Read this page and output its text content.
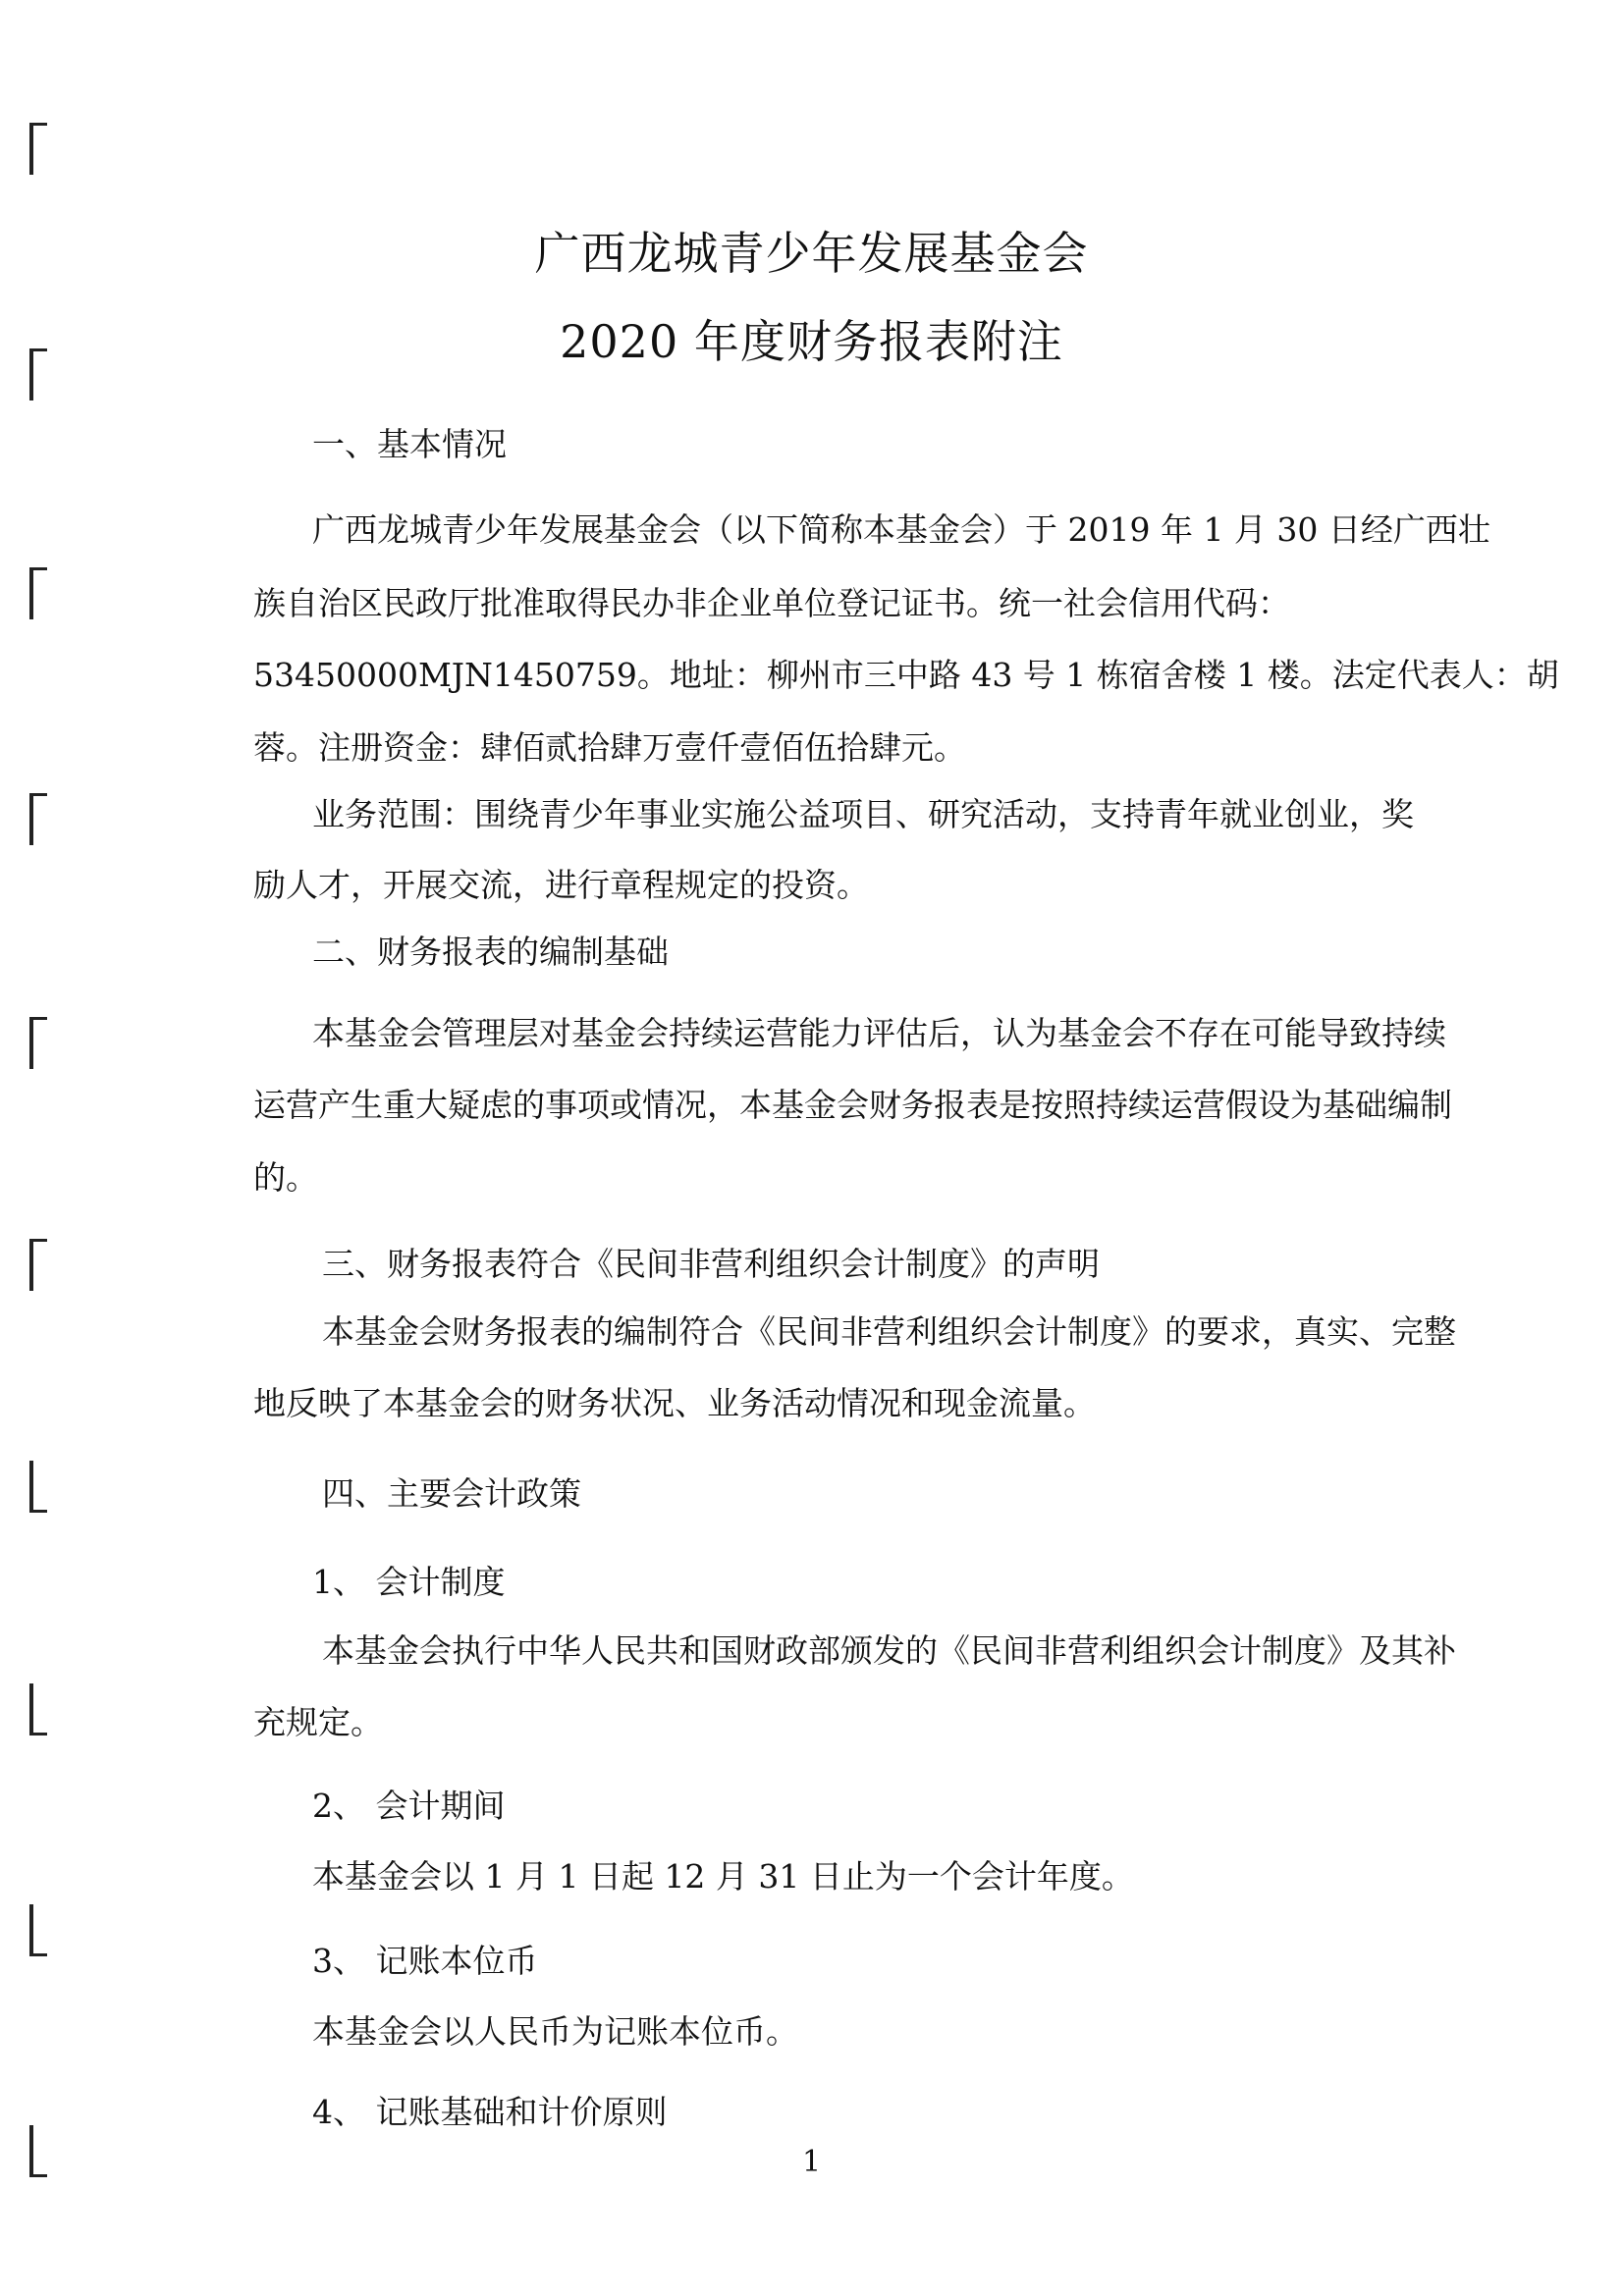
广西龙城青少年发展基金会
2020 年度财务报表附注
一、基本情况
广西龙城青少年发展基金会（以下简称本基金会）于 2019 年 1 月 30 日经广西壮
族自治区民政厅批准取得民办非企业单位登记证书。统一社会信用代码：
53450000MJN1450759。地址：柳州市三中路 43 号 1 栋宿舍楼 1 楼。法定代表人：胡
蓉。注册资金：肆佰贰拾肆万壹仟壹佰伍拾肆元。
业务范围：围绕青少年事业实施公益项目、研究活动，支持青年就业创业，奖
励人才，开展交流，进行章程规定的投资。
二、财务报表的编制基础
本基金会管理层对基金会持续运营能力评估后，认为基金会不存在可能导致持续
运营产生重大疑虑的事项或情况，本基金会财务报表是按照持续运营假设为基础编制
的。
三、财务报表符合《民间非营利组织会计制度》的声明
本基金会财务报表的编制符合《民间非营利组织会计制度》的要求，真实、完整
地反映了本基金会的财务状况、业务活动情况和现金流量。
四、主要会计政策
1、 会计制度
本基金会执行中华人民共和国财政部颁发的《民间非营利组织会计制度》及其补
充规定。
2、 会计期间
本基金会以 1 月 1 日起 12 月 31 日止为一个会计年度。
3、 记账本位币
本基金会以人民币为记账本位币。
4、 记账基础和计价原则
1
